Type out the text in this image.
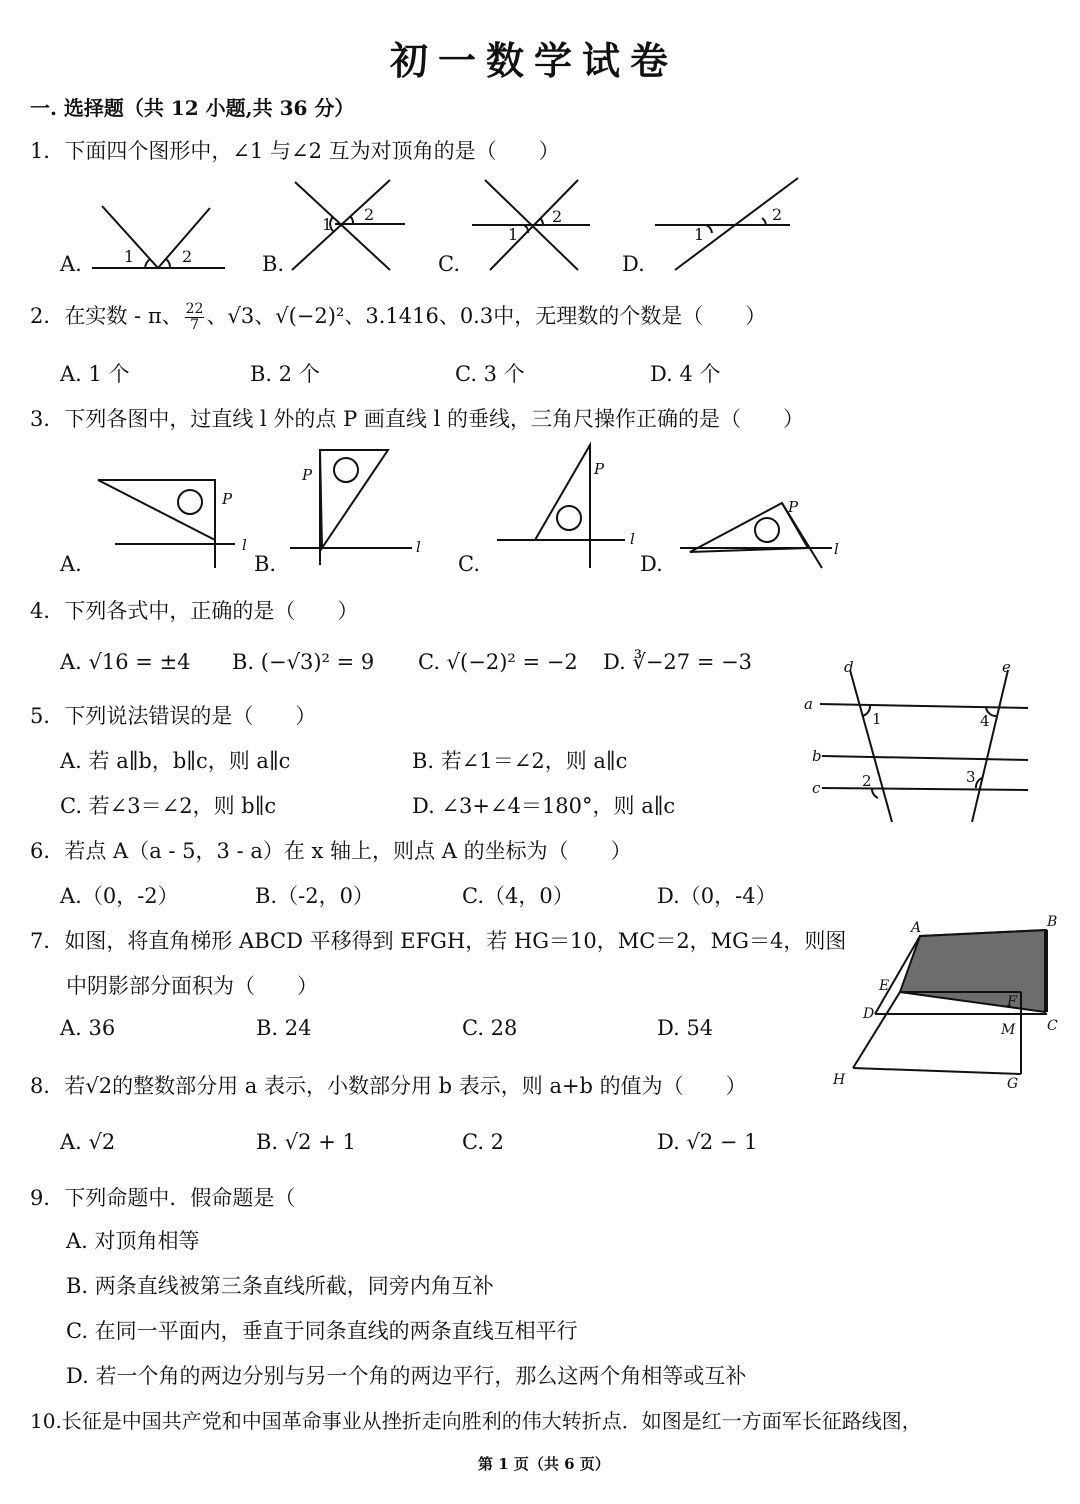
初一数学试卷
一. 选择题（共 12 小题,共 36 分）
1．下面四个图形中，∠1 与∠2 互为对顶角的是（　　）
A.	B.	C.	D.
1	2
1
2
1
2
1
2
2．在实数 - π、 $\frac{22}{7}$ 、√3、√(−2)²、3.1416、0.3中，无理数的个数是（　　）
A. 1 个	B. 2 个	C. 3 个	D. 4 个
3．下列各图中，过直线 l 外的点 P 画直线 l 的垂线，三角尺操作正确的是（　　）
A.	B.	C.	D.
P
l
P
l
P
l
P
l
4．下列各式中，正确的是（　　）
A. √16 = ±4 B. (−√3)² = 9 C. √(−2)² = −2 D. ∛−27 = −3
5．下列说法错误的是（　　）
A. 若 a∥b，b∥c，则 a∥c	B. 若∠1＝∠2，则 a∥c
C. 若∠3＝∠2，则 b∥c	D. ∠3+∠4＝180°，则 a∥c
a
b
c
d	e
1	4
2	3
6．若点 A（a - 5，3 - a）在 x 轴上，则点 A 的坐标为（　　）
A.（0，-2）	B.（-2，0）	C.（4，0）	D.（0，-4）
7．如图，将直角梯形 ABCD 平移得到 EFGH，若 HG＝10，MC＝2，MG＝4，则图
中阴影部分面积为（　　）
A. 36	B. 24	C. 28	D. 54
A	B
C
D
E
F
G
H
M
8．若√2的整数部分用 a 表示，小数部分用 b 表示，则 a+b 的值为（　　）
A. √2	B. √2 + 1	C. 2	D. √2 − 1
9．下列命题中．假命题是（
A. 对顶角相等
B. 两条直线被第三条直线所截，同旁内角互补
C. 在同一平面内，垂直于同条直线的两条直线互相平行
D. 若一个角的两边分别与另一个角的两边平行，那么这两个角相等或互补
10.长征是中国共产党和中国革命事业从挫折走向胜利的伟大转折点．如图是红一方面军长征路线图，
第 1 页（共 6 页）
